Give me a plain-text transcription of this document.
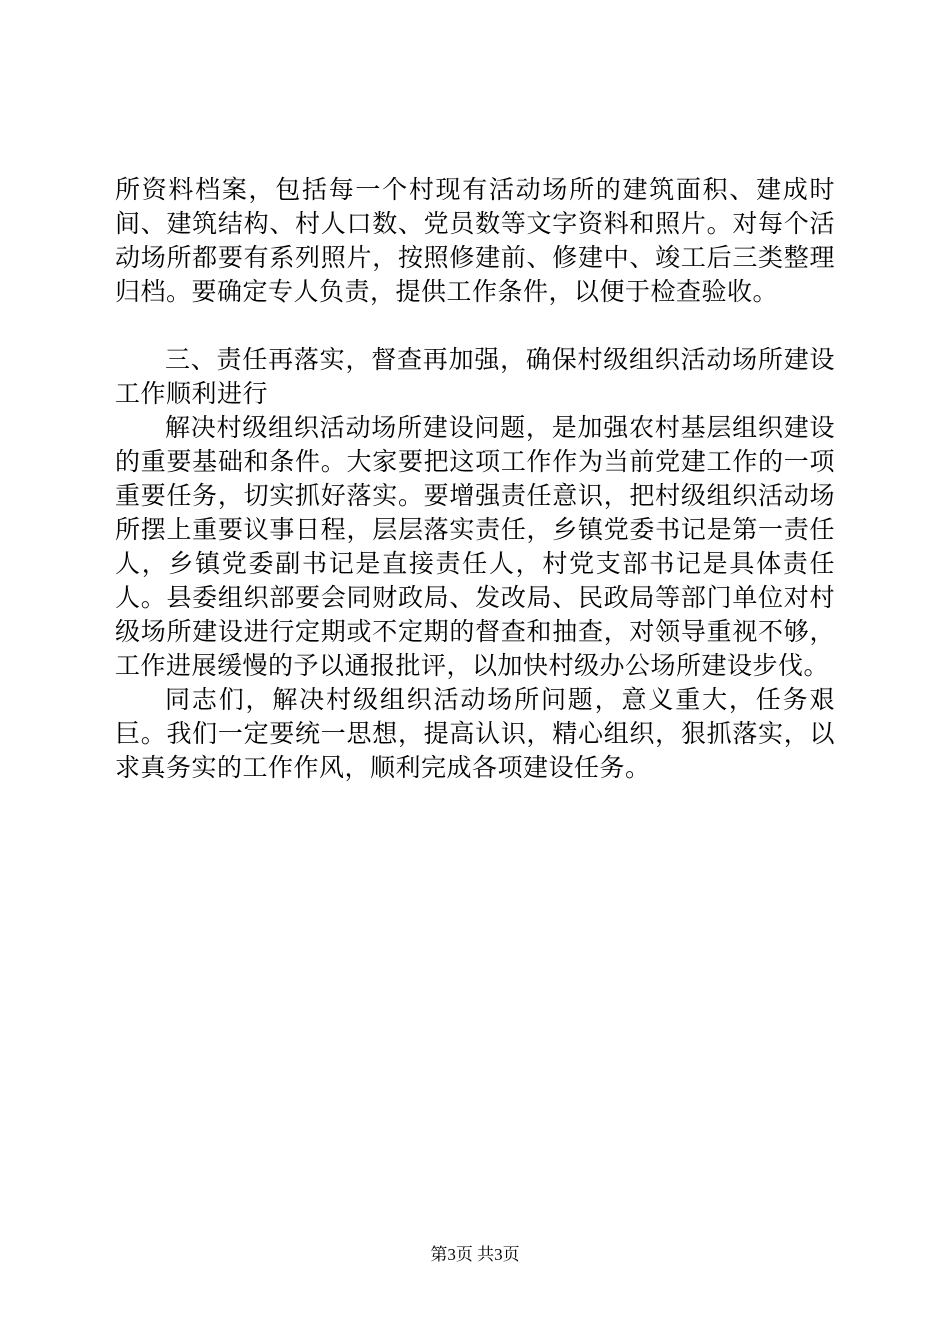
所资料档案，包括每一个村现有活动场所的建筑面积、建成时间、建筑结构、村人口数、党员数等文字资料和照片。对每个活动场所都要有系列照片，按照修建前、修建中、竣工后三类整理归档。要确定专人负责，提供工作条件，以便于检查验收。

三、责任再落实，督查再加强，确保村级组织活动场所建设工作顺利进行

解决村级组织活动场所建设问题，是加强农村基层组织建设的重要基础和条件。大家要把这项工作作为当前党建工作的一项重要任务，切实抓好落实。要增强责任意识，把村级组织活动场所摆上重要议事日程，层层落实责任，乡镇党委书记是第一责任人，乡镇党委副书记是直接责任人，村党支部书记是具体责任人。县委组织部要会同财政局、发改局、民政局等部门单位对村级场所建设进行定期或不定期的督查和抽查，对领导重视不够，工作进展缓慢的予以通报批评，以加快村级办公场所建设步伐。

同志们，解决村级组织活动场所问题，意义重大，任务艰巨。我们一定要统一思想，提高认识，精心组织，狠抓落实，以求真务实的工作作风，顺利完成各项建设任务。

第3页 共3页
